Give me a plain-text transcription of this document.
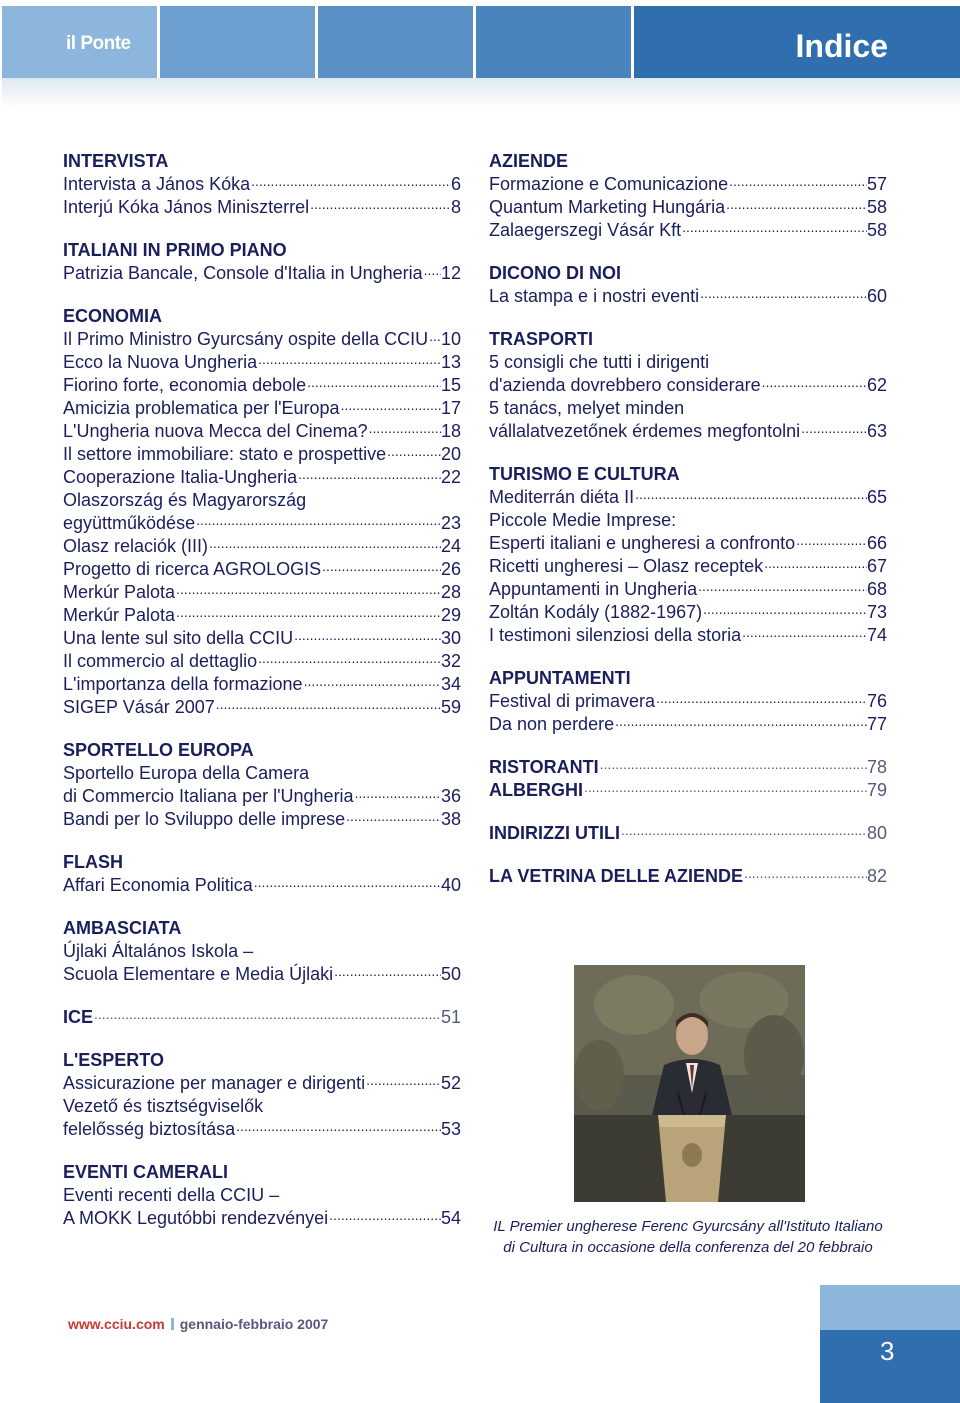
il Ponte	Indice
INTERVISTA
Intervista a János Kóka .....	6
Interjú Kóka János Miniszterrel .....	8
ITALIANI IN PRIMO PIANO
Patrizia Bancale, Console d'Italia in Ungheria ..... 12
ECONOMIA
Il Primo Ministro Gyurcsány ospite della CCIU ..... 10
Ecco la Nuova Ungheria .....	13
Fiorino forte, economia debole .....	15
Amicizia problematica per l'Europa .....	17
L'Ungheria nuova Mecca del Cinema? .....	18
Il settore immobiliare: stato e prospettive .....	20
Cooperazione Italia-Ungheria .....	22
Olaszország és Magyarország
együttműködése .....	23
Olasz relaciók (III) .....	24
Progetto di ricerca AGROLOGIS .....	26
Merkúr Palota .....	28
Merkúr Palota .....	29
Una lente sul sito della CCIU .....	30
Il commercio al dettaglio .....	32
L'importanza della formazione .....	34
SIGEP Vásár 2007 .....	59
SPORTELLO EUROPA
Sportello Europa della Camera
di Commercio Italiana per l'Ungheria .....	36
Bandi per lo Sviluppo delle imprese .....	38
FLASH
Affari Economia Politica .....	40
AMBASCIATA
Újlaki Általános Iskola –
Scuola Elementare e Media Újlaki .....	50
ICE .....	51
L'ESPERTO
Assicurazione per manager e dirigenti .....	52
Vezető és tisztségviselők
felelősség biztosítása .....	53
EVENTI CAMERALI
Eventi recenti della CCIU –
A MOKK Legutóbbi rendezvényei .....	54
AZIENDE
Formazione e Comunicazione .....	57
Quantum Marketing Hungária .....	58
Zalaegerszegi Vásár Kft .....	58
DICONO DI NOI
La stampa e i nostri eventi .....	60
TRASPORTI
5 consigli che tutti i dirigenti
d'azienda dovrebbero considerare .....	62
5 tanács, melyet minden
vállalatvezetőnek érdemes megfontolni .....	63
TURISMO E CULTURA
Mediterrán diéta II .....	65
Piccole Medie Imprese:
Esperti italiani e ungheresi a confronto .....	66
Ricetti ungheresi – Olasz receptek .....	67
Appuntamenti in Ungheria .....	68
Zoltán Kodály (1882-1967) .....	73
I testimoni silenziosi della storia .....	74
APPUNTAMENTI
Festival di primavera .....	76
Da non perdere .....	77
RISTORANTI .....	78
ALBERGHI .....	79
INDIRIZZI UTILI .....	80
LA VETRINA DELLE AZIENDE .....	82
IL Premier ungherese Ferenc Gyurcsány all'Istituto Italiano
di Cultura in occasione della conferenza del 20 febbraio
www.cciu.com gennaio-febbraio 2007
3
